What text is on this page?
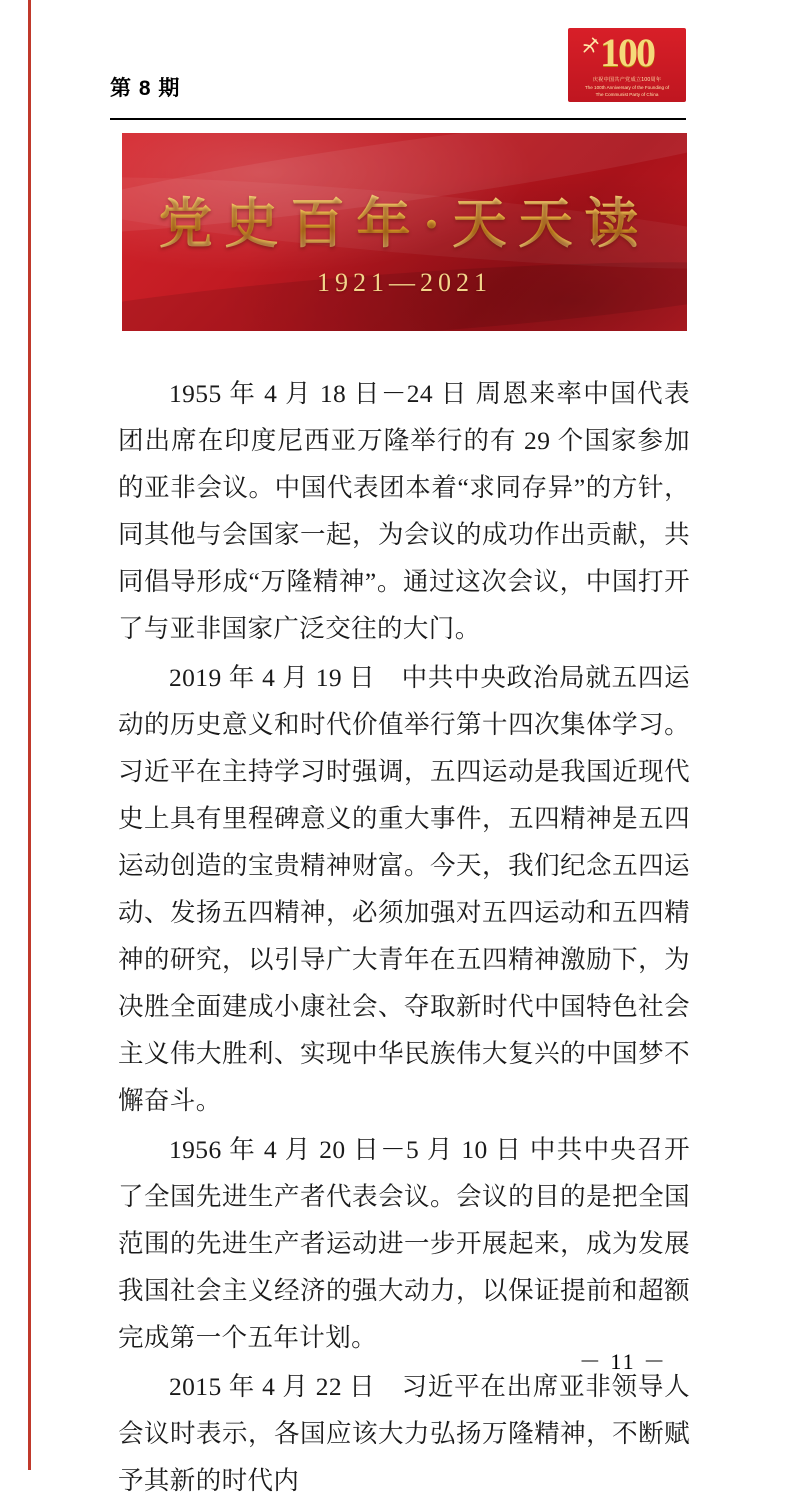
第 8 期
100
庆祝中国共产党成立100周年
The 100th Anniversary of the Founding of
The Communist Party of China
党史百年·天天读
1921—2021

1955 年 4 月 18 日－24 日 周恩来率中国代表团出席在印度尼西亚万隆举行的有 29 个国家参加的亚非会议。中国代表团本着“求同存异”的方针，同其他与会国家一起，为会议的成功作出贡献，共同倡导形成“万隆精神”。通过这次会议，中国打开了与亚非国家广泛交往的大门。

2019 年 4 月 19 日　中共中央政治局就五四运动的历史意义和时代价值举行第十四次集体学习。习近平在主持学习时强调，五四运动是我国近现代史上具有里程碑意义的重大事件，五四精神是五四运动创造的宝贵精神财富。今天，我们纪念五四运动、发扬五四精神，必须加强对五四运动和五四精神的研究，以引导广大青年在五四精神激励下，为决胜全面建成小康社会、夺取新时代中国特色社会主义伟大胜利、实现中华民族伟大复兴的中国梦不懈奋斗。

1956 年 4 月 20 日－5 月 10 日 中共中央召开了全国先进生产者代表会议。会议的目的是把全国范围的先进生产者运动进一步开展起来，成为发展我国社会主义经济的强大动力，以保证提前和超额完成第一个五年计划。

2015 年 4 月 22 日　习近平在出席亚非领导人会议时表示，各国应该大力弘扬万隆精神，不断赋予其新的时代内

－ 11 －
